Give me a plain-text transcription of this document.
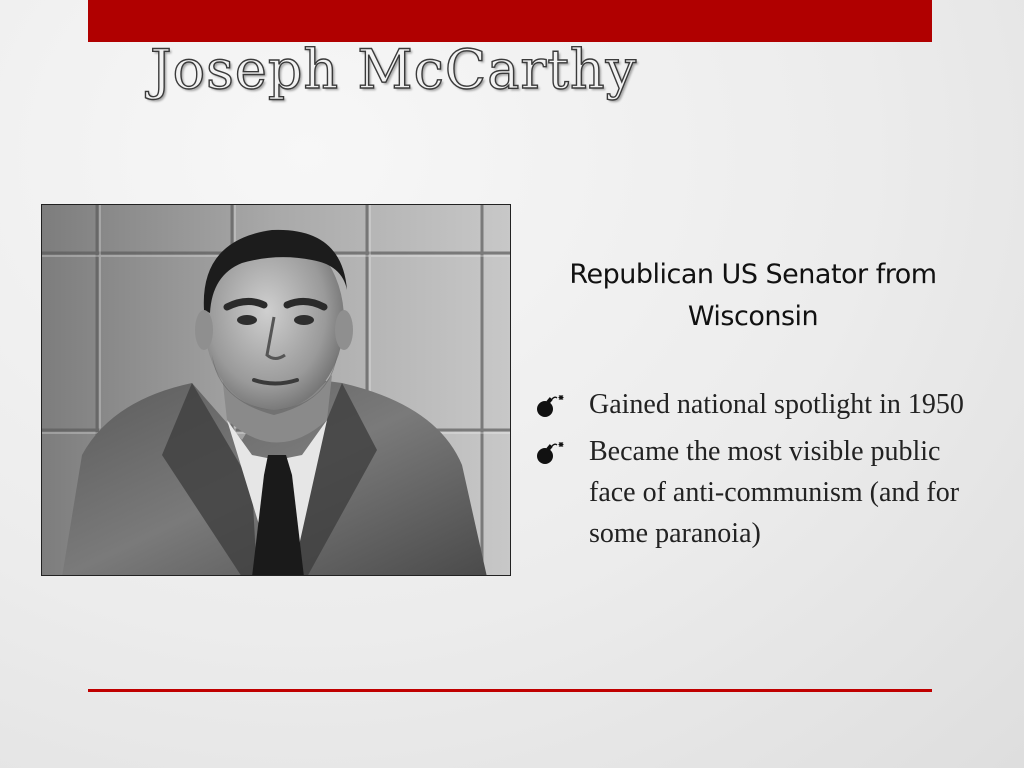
Joseph McCarthy
Republican US Senator from Wisconsin
Gained national spotlight in 1950
Became the most visible public face of anti-communism (and for some paranoia)
